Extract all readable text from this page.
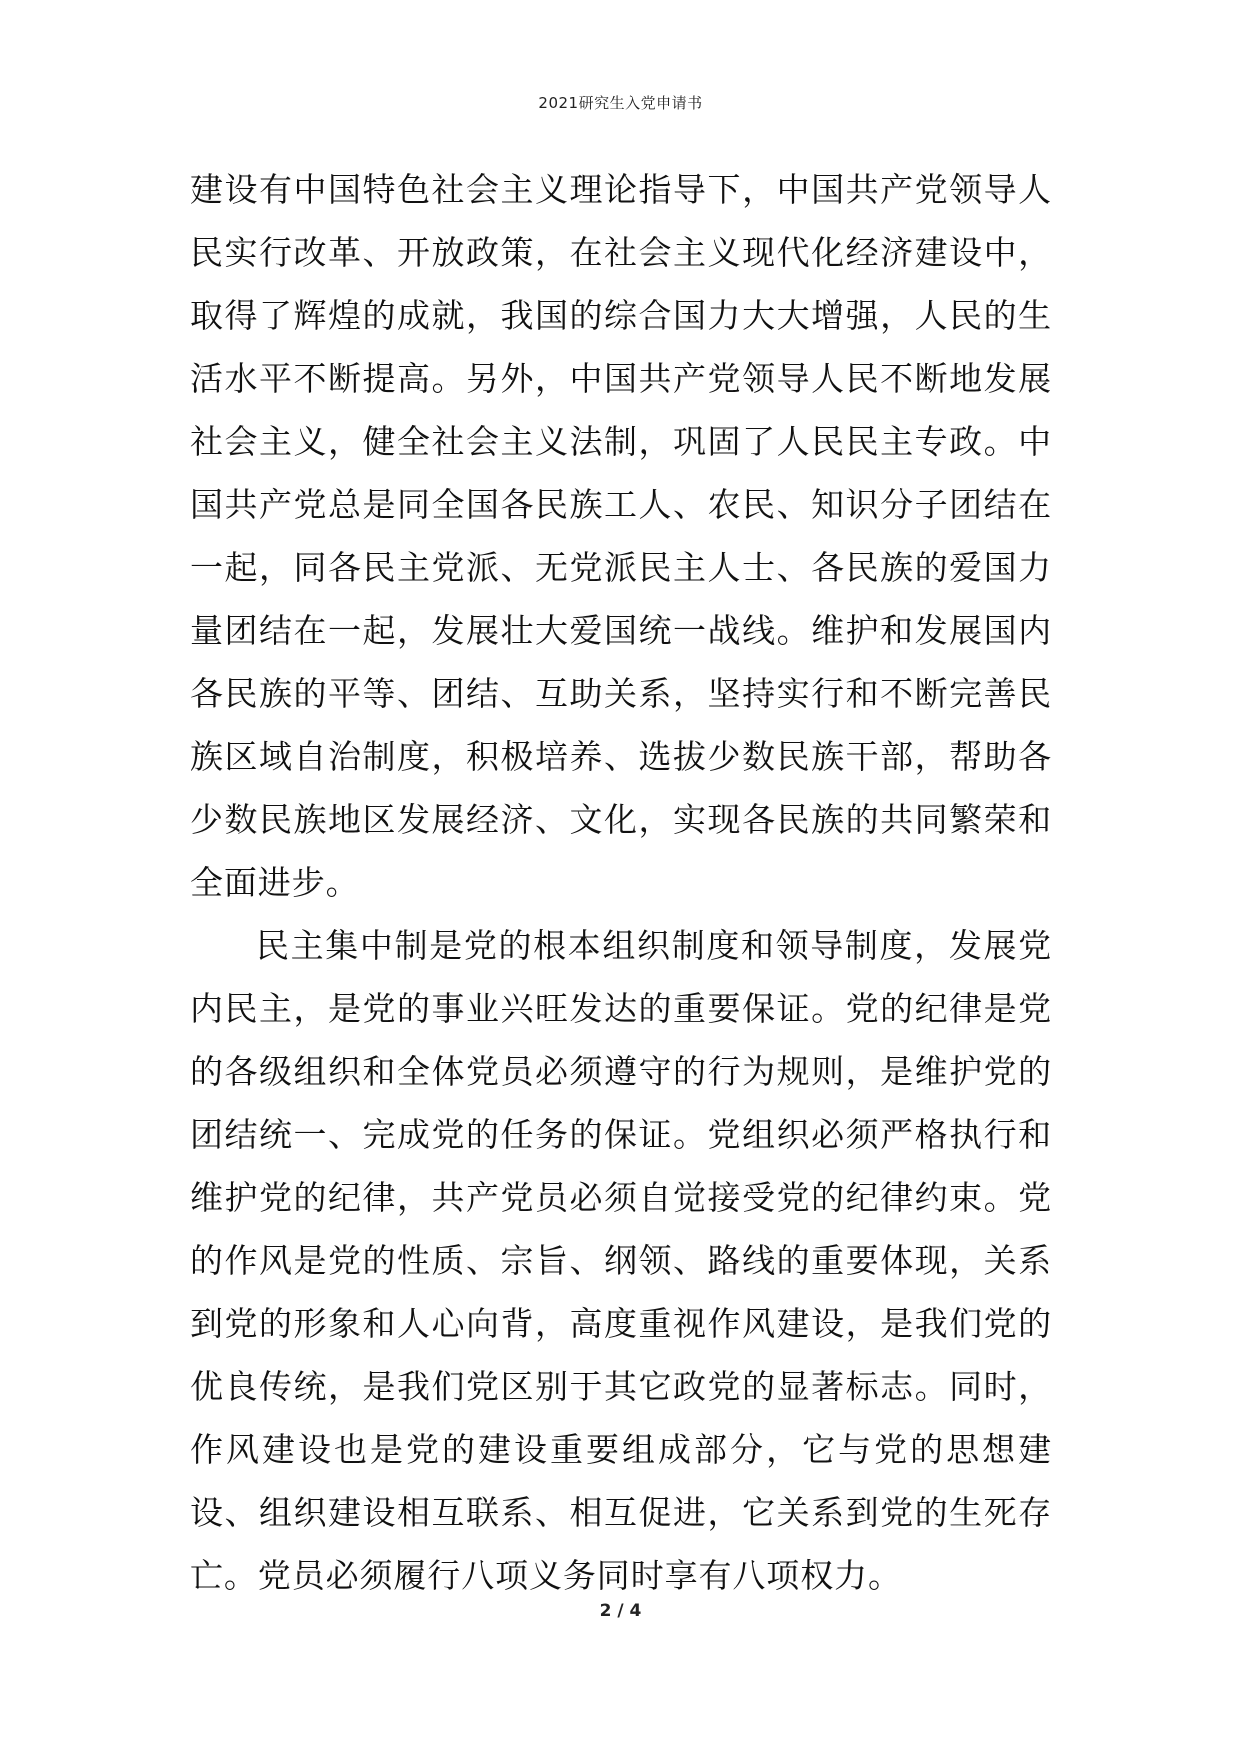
2021研究生入党申请书

建设有中国特色社会主义理论指导下，中国共产党领导人民实行改革、开放政策，在社会主义现代化经济建设中，取得了辉煌的成就，我国的综合国力大大增强，人民的生活水平不断提高。另外，中国共产党领导人民不断地发展社会主义，健全社会主义法制，巩固了人民民主专政。中国共产党总是同全国各民族工人、农民、知识分子团结在一起，同各民主党派、无党派民主人士、各民族的爱国力量团结在一起，发展壮大爱国统一战线。维护和发展国内各民族的平等、团结、互助关系，坚持实行和不断完善民族区域自治制度，积极培养、选拔少数民族干部，帮助各少数民族地区发展经济、文化，实现各民族的共同繁荣和全面进步。

民主集中制是党的根本组织制度和领导制度，发展党内民主，是党的事业兴旺发达的重要保证。党的纪律是党的各级组织和全体党员必须遵守的行为规则，是维护党的团结统一、完成党的任务的保证。党组织必须严格执行和维护党的纪律，共产党员必须自觉接受党的纪律约束。党的作风是党的性质、宗旨、纲领、路线的重要体现，关系到党的形象和人心向背，高度重视作风建设，是我们党的优良传统，是我们党区别于其它政党的显著标志。同时，作风建设也是党的建设重要组成部分，它与党的思想建设、组织建设相互联系、相互促进，它关系到党的生死存亡。党员必须履行八项义务同时享有八项权力。

2 / 4
